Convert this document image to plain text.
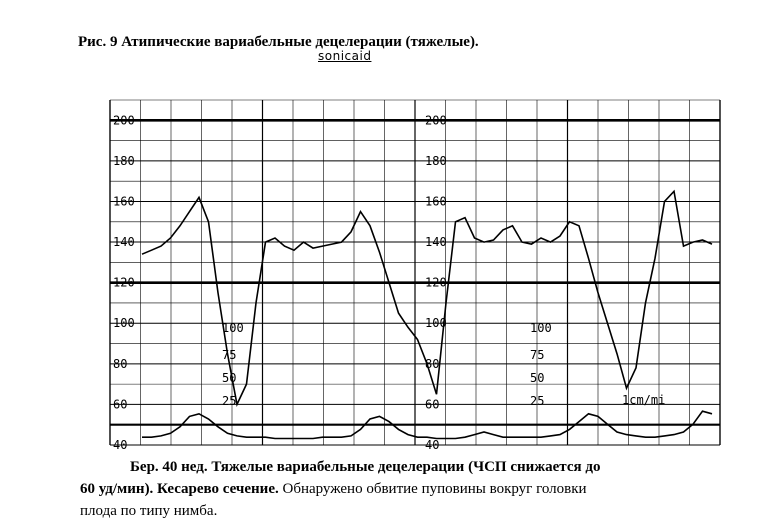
Рис. 9 Атипические вариабельные децелерации (тяжелые).
sonicaid
200
180
160
140
120
100
80
60
40
200
180
160
140
120
100
80
60
40
100
75
50
25
100
75
50
25	1cm/mi
Бер. 40 нед. Тяжелые вариабельные децелерации (ЧСП снижается до
60 уд/мин). Кесарево сечение. Обнаружено обвитие пуповины вокруг головки
плода по типу нимба.
